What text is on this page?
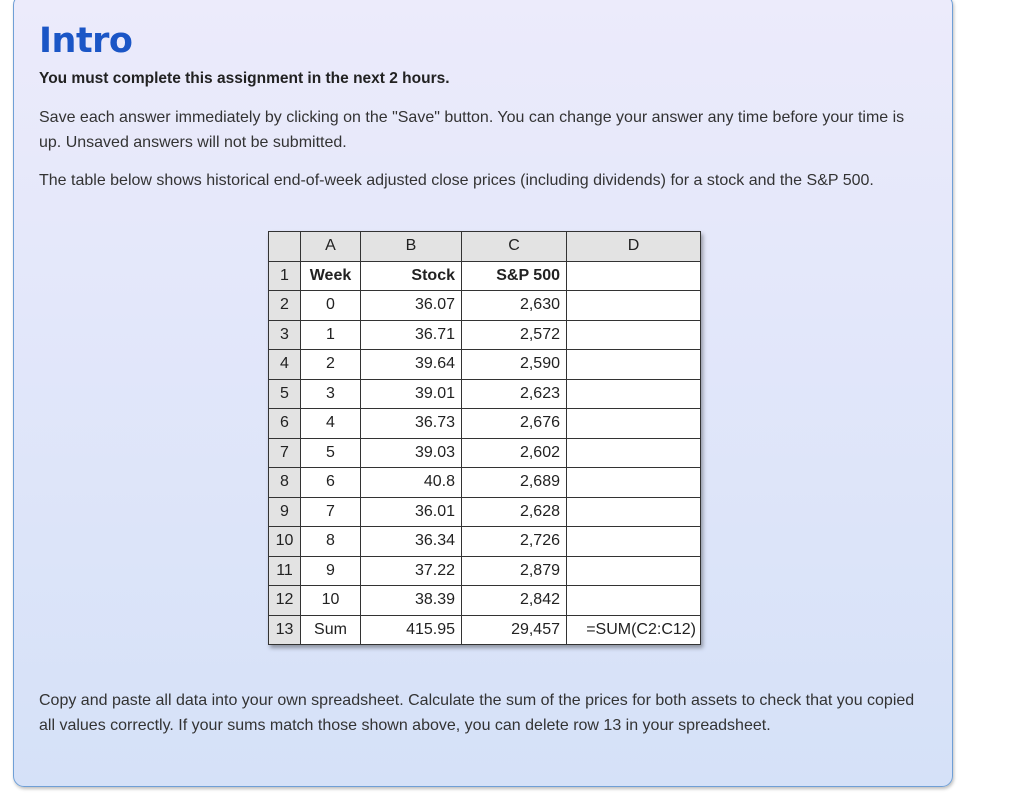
Intro

You must complete this assignment in the next 2 hours.

Save each answer immediately by clicking on the "Save" button. You can change your answer any time before your time is up. Unsaved answers will not be submitted.

The table below shows historical end-of-week adjusted close prices (including dividends) for a stock and the S&P 500.

	A	B	C	D
1	Week	Stock	S&P 500	
2	0	36.07	2,630	
3	1	36.71	2,572	
4	2	39.64	2,590	
5	3	39.01	2,623	
6	4	36.73	2,676	
7	5	39.03	2,602	
8	6	40.8	2,689	
9	7	36.01	2,628	
10	8	36.34	2,726	
11	9	37.22	2,879	
12	10	38.39	2,842	
13	Sum	415.95	29,457	=SUM(C2:C12)

Copy and paste all data into your own spreadsheet. Calculate the sum of the prices for both assets to check that you copied all values correctly. If your sums match those shown above, you can delete row 13 in your spreadsheet.
